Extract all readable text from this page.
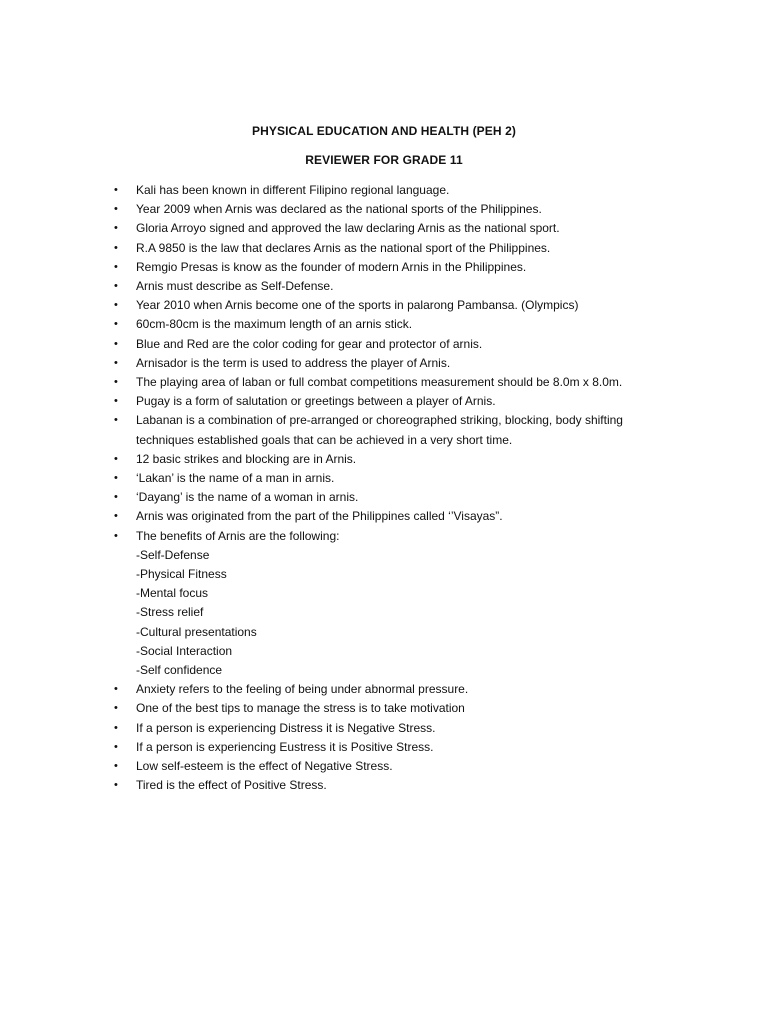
PHYSICAL EDUCATION AND HEALTH (PEH 2)
REVIEWER FOR GRADE 11
•	Kali has been known in different Filipino regional language.
•	Year 2009 when Arnis was declared as the national sports of the Philippines.
•	Gloria Arroyo signed and approved the law declaring Arnis as the national sport.
•	R.A 9850 is the law that declares Arnis as the national sport of the Philippines.
•	Remgio Presas is know as the founder of modern Arnis in the Philippines.
•	Arnis must describe as Self-Defense.
•	Year 2010 when Arnis become one of the sports in palarong Pambansa. (Olympics)
•	60cm-80cm is the maximum length of an arnis stick.
•	Blue and Red are the color coding for gear and protector of arnis.
•	Arnisador is the term is used to address the player of Arnis.
•	The playing area of laban or full combat competitions measurement should be 8.0m x 8.0m.
•	Pugay is a form of salutation or greetings between a player of Arnis.
•	Labanan is a combination of pre-arranged or choreographed striking, blocking, body shifting
techniques established goals that can be achieved in a very short time.
•	12 basic strikes and blocking are in Arnis.
•	‘Lakan’ is the name of a man in arnis.
•	‘Dayang’ is the name of a woman in arnis.
•	Arnis was originated from the part of the Philippines called ‘’Visayas”.
•	The benefits of Arnis are the following:
-Self-Defense
-Physical Fitness
-Mental focus
-Stress relief
-Cultural presentations
-Social Interaction
-Self confidence
•	Anxiety refers to the feeling of being under abnormal pressure.
•	One of the best tips to manage the stress is to take motivation
•	If a person is experiencing Distress it is Negative Stress.
•	If a person is experiencing Eustress it is Positive Stress.
•	Low self-esteem is the effect of Negative Stress.
•	Tired is the effect of Positive Stress.
